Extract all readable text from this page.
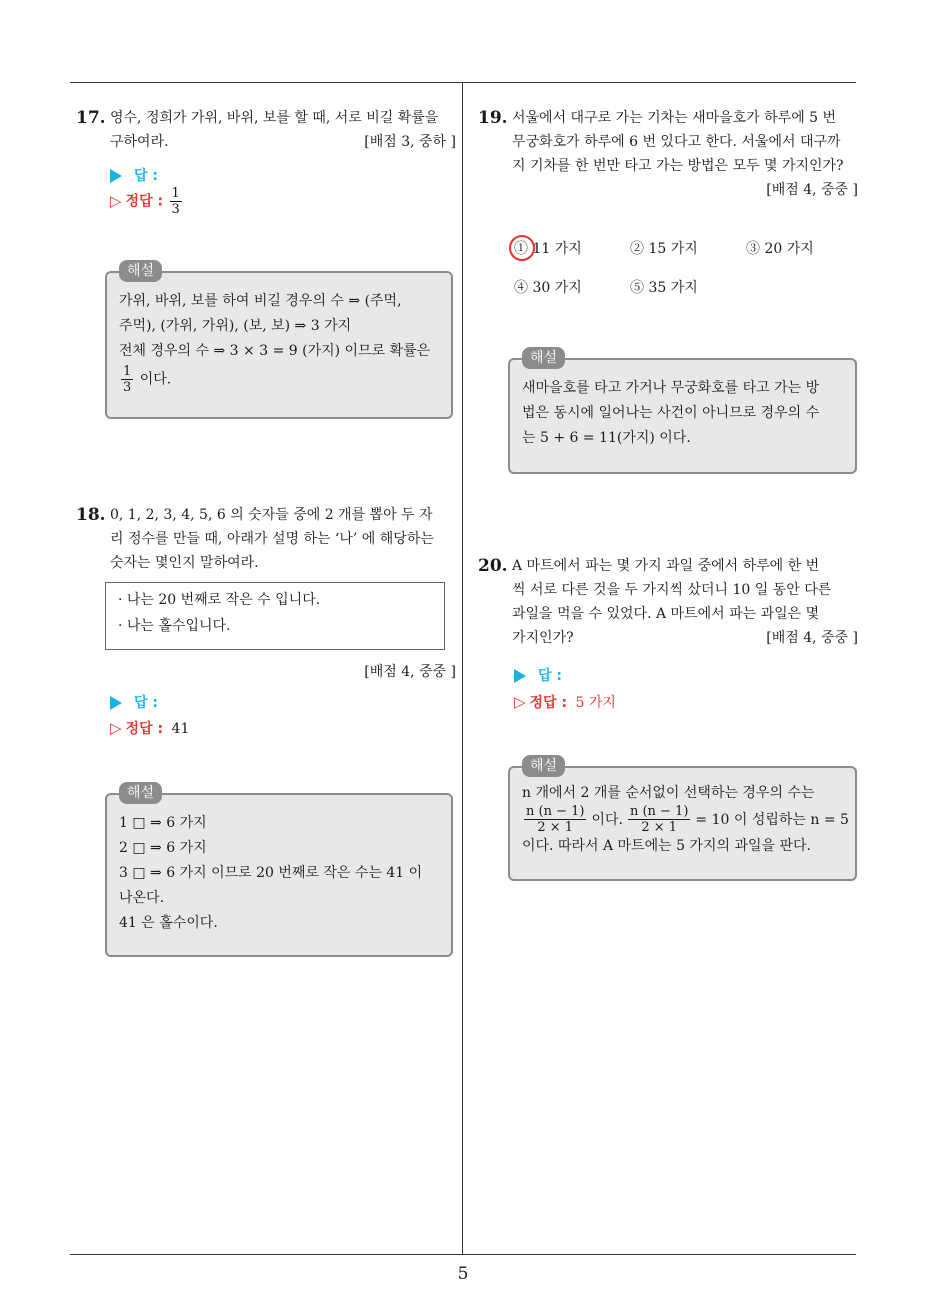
17. 영수, 정희가 가위, 바위, 보를 할 때, 서로 비길 확률을
구하여라.	[배점 3, 중하 ]
답 :
▷ 정답 : $\frac{1}{3}$
해설
가위, 바위, 보를 하여 비길 경우의 수 ⇒ (주먹,
주먹), (가위, 가위), (보, 보) ⇒ 3 가지
전체 경우의 수 ⇒ 3 × 3 = 9 (가지) 이므로 확률은
$\frac{1}{3}$ 이다.
18. 0, 1, 2, 3, 4, 5, 6 의 숫자들 중에 2 개를 뽑아 두 자
리 정수를 만들 때, 아래가 설명 하는 ‘나’ 에 해당하는
숫자는 몇인지 말하여라.
· 나는 20 번째로 작은 수 입니다.
· 나는 홀수입니다.
[배점 4, 중중 ]
답 :
▷ 정답 : 41
해설
1 □ ⇒ 6 가지
2 □ ⇒ 6 가지
3 □ ⇒ 6 가지 이므로 20 번째로 작은 수는 41 이
나온다.
41 은 홀수이다.
19. 서울에서 대구로 가는 기차는 새마을호가 하루에 5 번
무궁화호가 하루에 6 번 있다고 한다. 서울에서 대구까
지 기차를 한 번만 타고 가는 방법은 모두 몇 가지인가?
[배점 4, 중중 ]
① 11 가지	② 15 가지	③ 20 가지
④ 30 가지	⑤ 35 가지
해설
새마을호를 타고 가거나 무궁화호를 타고 가는 방
법은 동시에 일어나는 사건이 아니므로 경우의 수
는 5 + 6 = 11(가지) 이다.
20. A 마트에서 파는 몇 가지 과일 중에서 하루에 한 번
씩 서로 다른 것을 두 가지씩 샀더니 10 일 동안 다른
과일을 먹을 수 있었다. A 마트에서 파는 과일은 몇
가지인가?	[배점 4, 중중 ]
답 :
▷ 정답 : 5 가지
해설
n 개에서 2 개를 순서없이 선택하는 경우의 수는
$\frac{n (n - 1)}{2 \times 1}$ 이다. $\frac{n (n - 1)}{2 \times 1} = 10$ 이 성립하는 n = 5
이다. 따라서 A 마트에는 5 가지의 과일을 판다.
5
